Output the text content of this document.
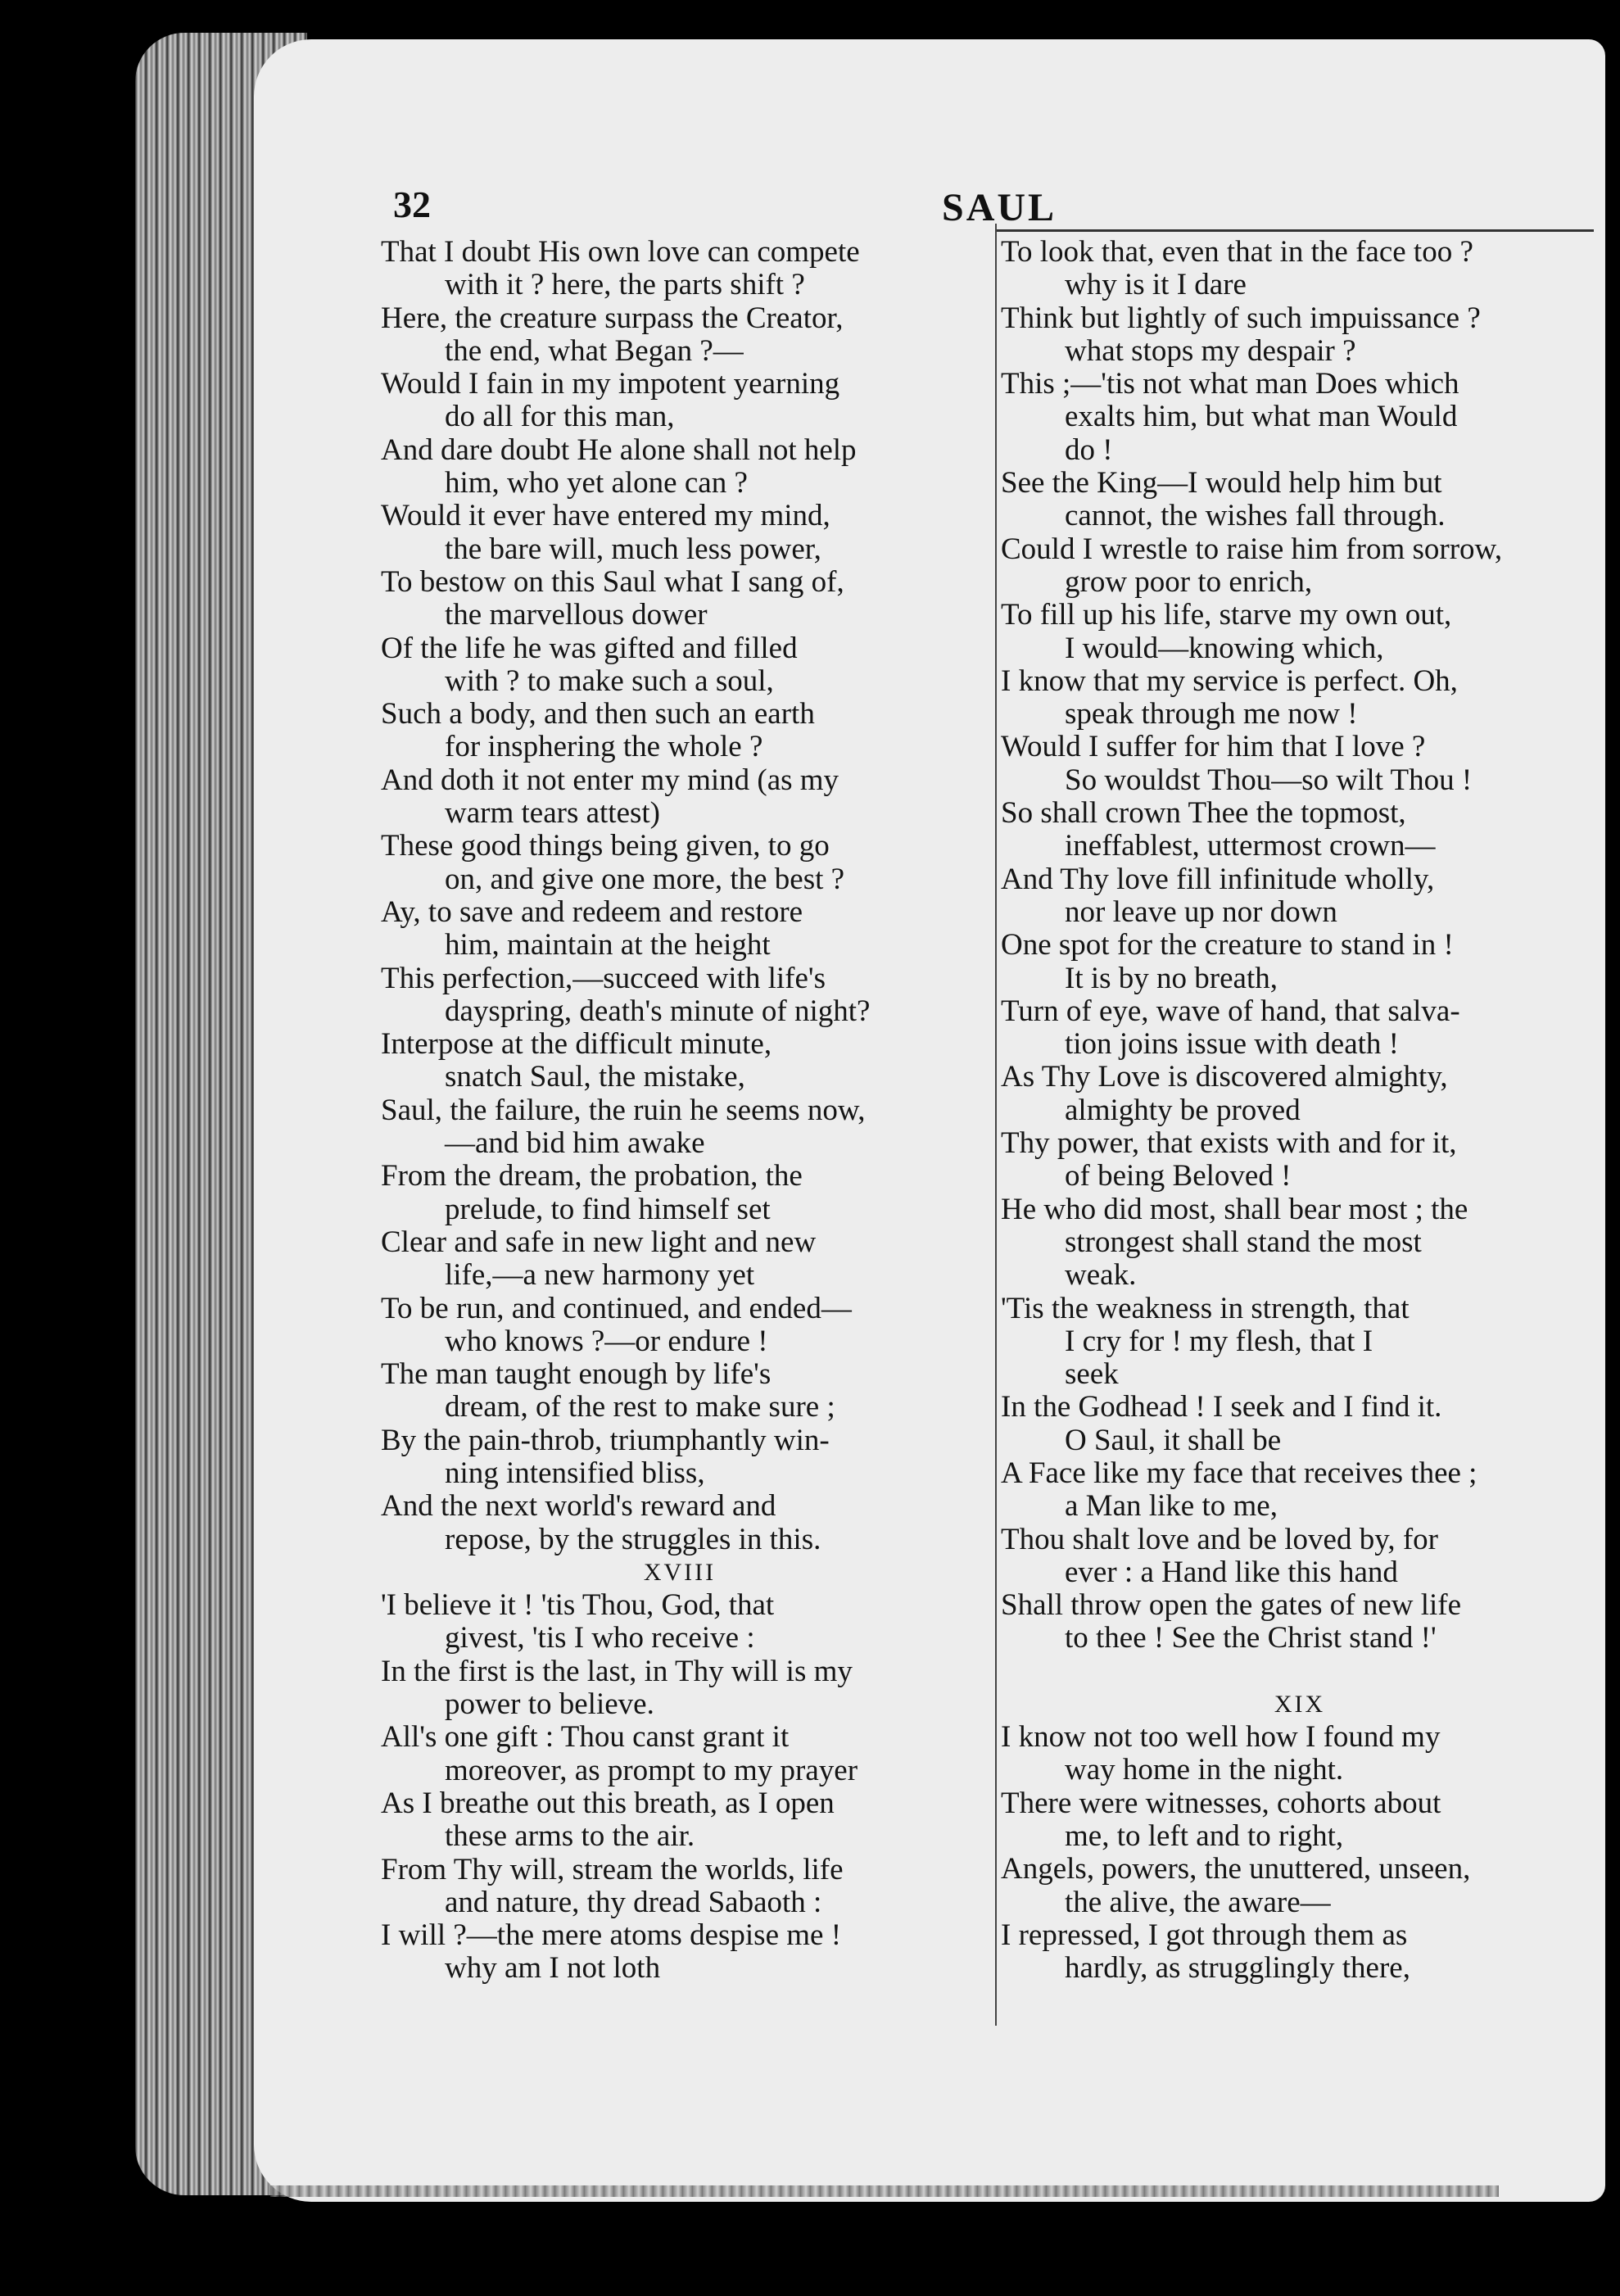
32	SAUL
That I doubt His own love can compete
with it ? here, the parts shift ?
Here, the creature surpass the Creator,
the end, what Began ?—
Would I fain in my impotent yearning
do all for this man,
And dare doubt He alone shall not help
him, who yet alone can ?
Would it ever have entered my mind,
the bare will, much less power,
To bestow on this Saul what I sang of,
the marvellous dower
Of the life he was gifted and filled
with ? to make such a soul,
Such a body, and then such an earth
for insphering the whole ?
And doth it not enter my mind (as my
warm tears attest)
These good things being given, to go
on, and give one more, the best ?
Ay, to save and redeem and restore
him, maintain at the height
This perfection,—succeed with life's
dayspring, death's minute of night?
Interpose at the difficult minute,
snatch Saul, the mistake,
Saul, the failure, the ruin he seems now,
—and bid him awake
From the dream, the probation, the
prelude, to find himself set
Clear and safe in new light and new
life,—a new harmony yet
To be run, and continued, and ended—
who knows ?—or endure !
The man taught enough by life's
dream, of the rest to make sure ;
By the pain-throb, triumphantly win-
ning intensified bliss,
And the next world's reward and
repose, by the struggles in this.
XVIII
'I believe it ! 'tis Thou, God, that
givest, 'tis I who receive :
In the first is the last, in Thy will is my
power to believe.
All's one gift : Thou canst grant it
moreover, as prompt to my prayer
As I breathe out this breath, as I open
these arms to the air.
From Thy will, stream the worlds, life
and nature, thy dread Sabaoth :
I will ?—the mere atoms despise me !
why am I not loth
To look that, even that in the face too ?
why is it I dare
Think but lightly of such impuissance ?
what stops my despair ?
This ;—'tis not what man Does which
exalts him, but what man Would
do !
See the King—I would help him but
cannot, the wishes fall through.
Could I wrestle to raise him from sorrow,
grow poor to enrich,
To fill up his life, starve my own out,
I would—knowing which,
I know that my service is perfect. Oh,
speak through me now !
Would I suffer for him that I love ?
So wouldst Thou—so wilt Thou !
So shall crown Thee the topmost,
ineffablest, uttermost crown—
And Thy love fill infinitude wholly,
nor leave up nor down
One spot for the creature to stand in !
It is by no breath,
Turn of eye, wave of hand, that salva-
tion joins issue with death !
As Thy Love is discovered almighty,
almighty be proved
Thy power, that exists with and for it,
of being Beloved !
He who did most, shall bear most ; the
strongest shall stand the most
weak.
'Tis the weakness in strength, that
I cry for ! my flesh, that I
seek
In the Godhead ! I seek and I find it.
O Saul, it shall be
A Face like my face that receives thee ;
a Man like to me,
Thou shalt love and be loved by, for
ever : a Hand like this hand
Shall throw open the gates of new life
to thee ! See the Christ stand !'
XIX
I know not too well how I found my
way home in the night.
There were witnesses, cohorts about
me, to left and to right,
Angels, powers, the unuttered, unseen,
the alive, the aware—
I repressed, I got through them as
hardly, as strugglingly there,
